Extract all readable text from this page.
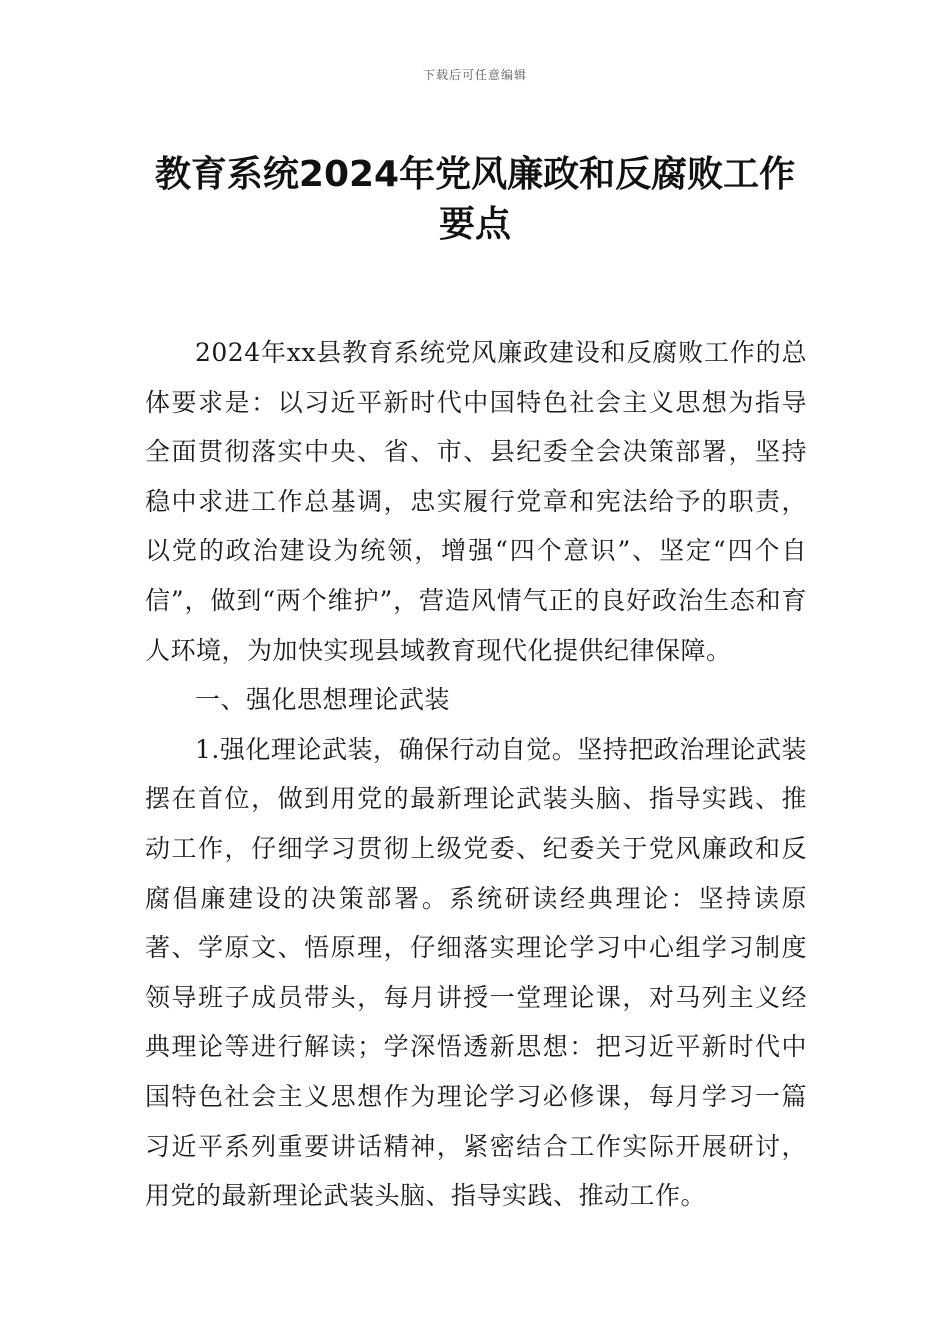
下载后可任意编辑
教育系统2024年党风廉政和反腐败工作要点

2024年xx县教育系统党风廉政建设和反腐败工作的总体要求是：以习近平新时代中国特色社会主义思想为指导全面贯彻落实中央、省、市、县纪委全会决策部署，坚持稳中求进工作总基调，忠实履行党章和宪法给予的职责，以党的政治建设为统领，增强“四个意识”、坚定“四个自信”，做到“两个维护”，营造风情气正的良好政治生态和育人环境，为加快实现县域教育现代化提供纪律保障。

一、强化思想理论武装

1.强化理论武装，确保行动自觉。坚持把政治理论武装摆在首位，做到用党的最新理论武装头脑、指导实践、推动工作，仔细学习贯彻上级党委、纪委关于党风廉政和反腐倡廉建设的决策部署。系统研读经典理论：坚持读原著、学原文、悟原理，仔细落实理论学习中心组学习制度领导班子成员带头，每月讲授一堂理论课，对马列主义经典理论等进行解读；学深悟透新思想：把习近平新时代中国特色社会主义思想作为理论学习必修课，每月学习一篇习近平系列重要讲话精神，紧密结合工作实际开展研讨，用党的最新理论武装头脑、指导实践、推动工作。
